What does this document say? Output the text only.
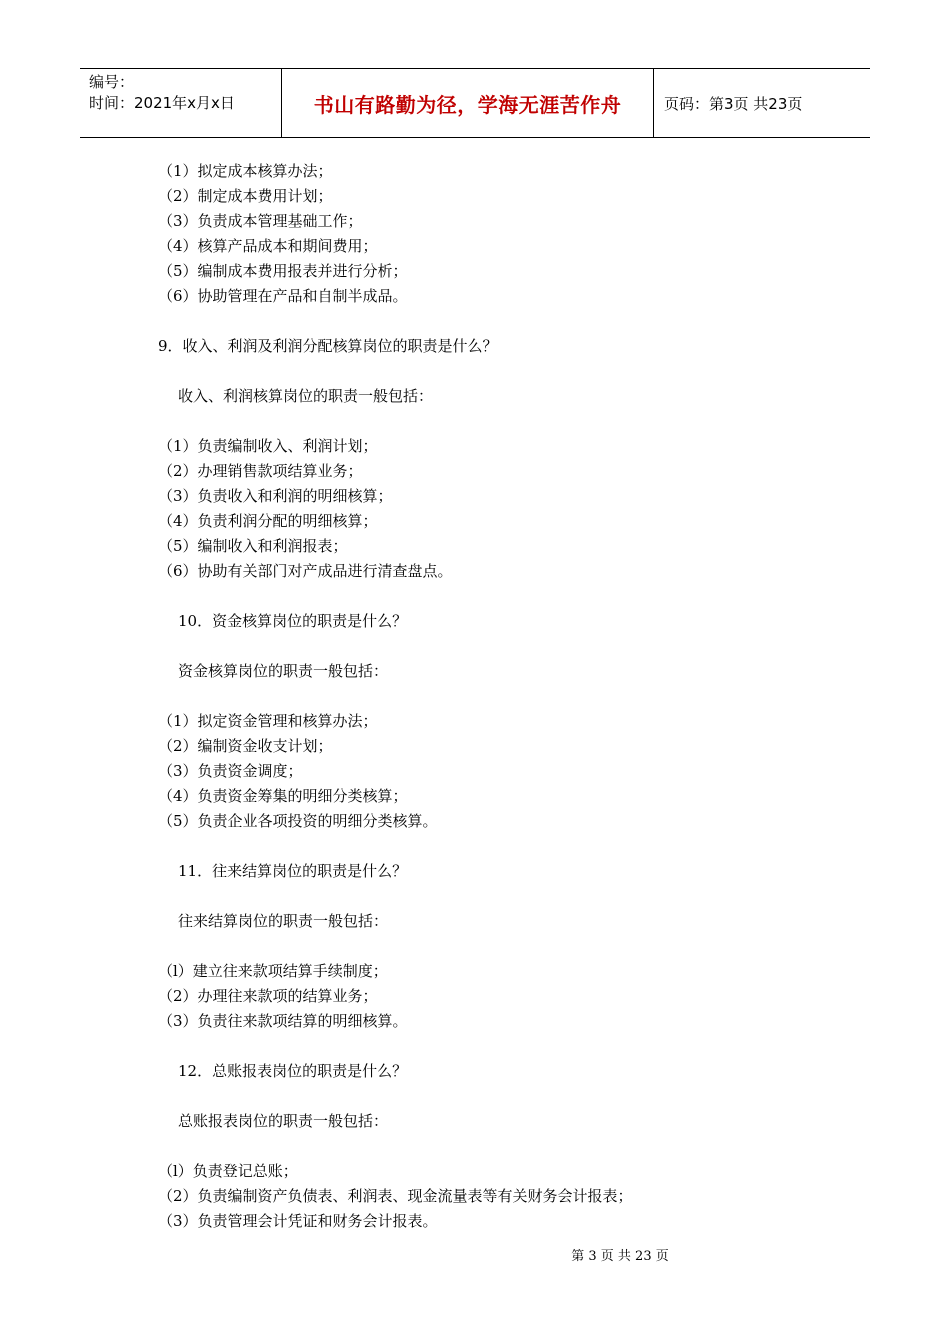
编号：
时间：2021年x月x日	书山有路勤为径，学海无涯苦作舟	页码：第3页 共23页
（1）拟定成本核算办法；
（2）制定成本费用计划；
（3）负责成本管理基础工作；
（4）核算产品成本和期间费用；
（5）编制成本费用报表并进行分析；
（6）协助管理在产品和自制半成品。
9．收入、利润及利润分配核算岗位的职责是什么？
收入、利润核算岗位的职责一般包括：
（1）负责编制收入、利润计划；
（2）办理销售款项结算业务；
（3）负责收入和利润的明细核算；
（4）负责利润分配的明细核算；
（5）编制收入和利润报表；
（6）协助有关部门对产成品进行清查盘点。
10．资金核算岗位的职责是什么？
资金核算岗位的职责一般包括：
（1）拟定资金管理和核算办法；
（2）编制资金收支计划；
（3）负责资金调度；
（4）负责资金筹集的明细分类核算；
（5）负责企业各项投资的明细分类核算。
11．往来结算岗位的职责是什么？
往来结算岗位的职责一般包括：
（l）建立往来款项结算手续制度；
（2）办理往来款项的结算业务；
（3）负责往来款项结算的明细核算。
12．总账报表岗位的职责是什么？
总账报表岗位的职责一般包括：
（l）负责登记总账；
（2）负责编制资产负债表、利润表、现金流量表等有关财务会计报表；
（3）负责管理会计凭证和财务会计报表。
第 3 页 共 23 页
